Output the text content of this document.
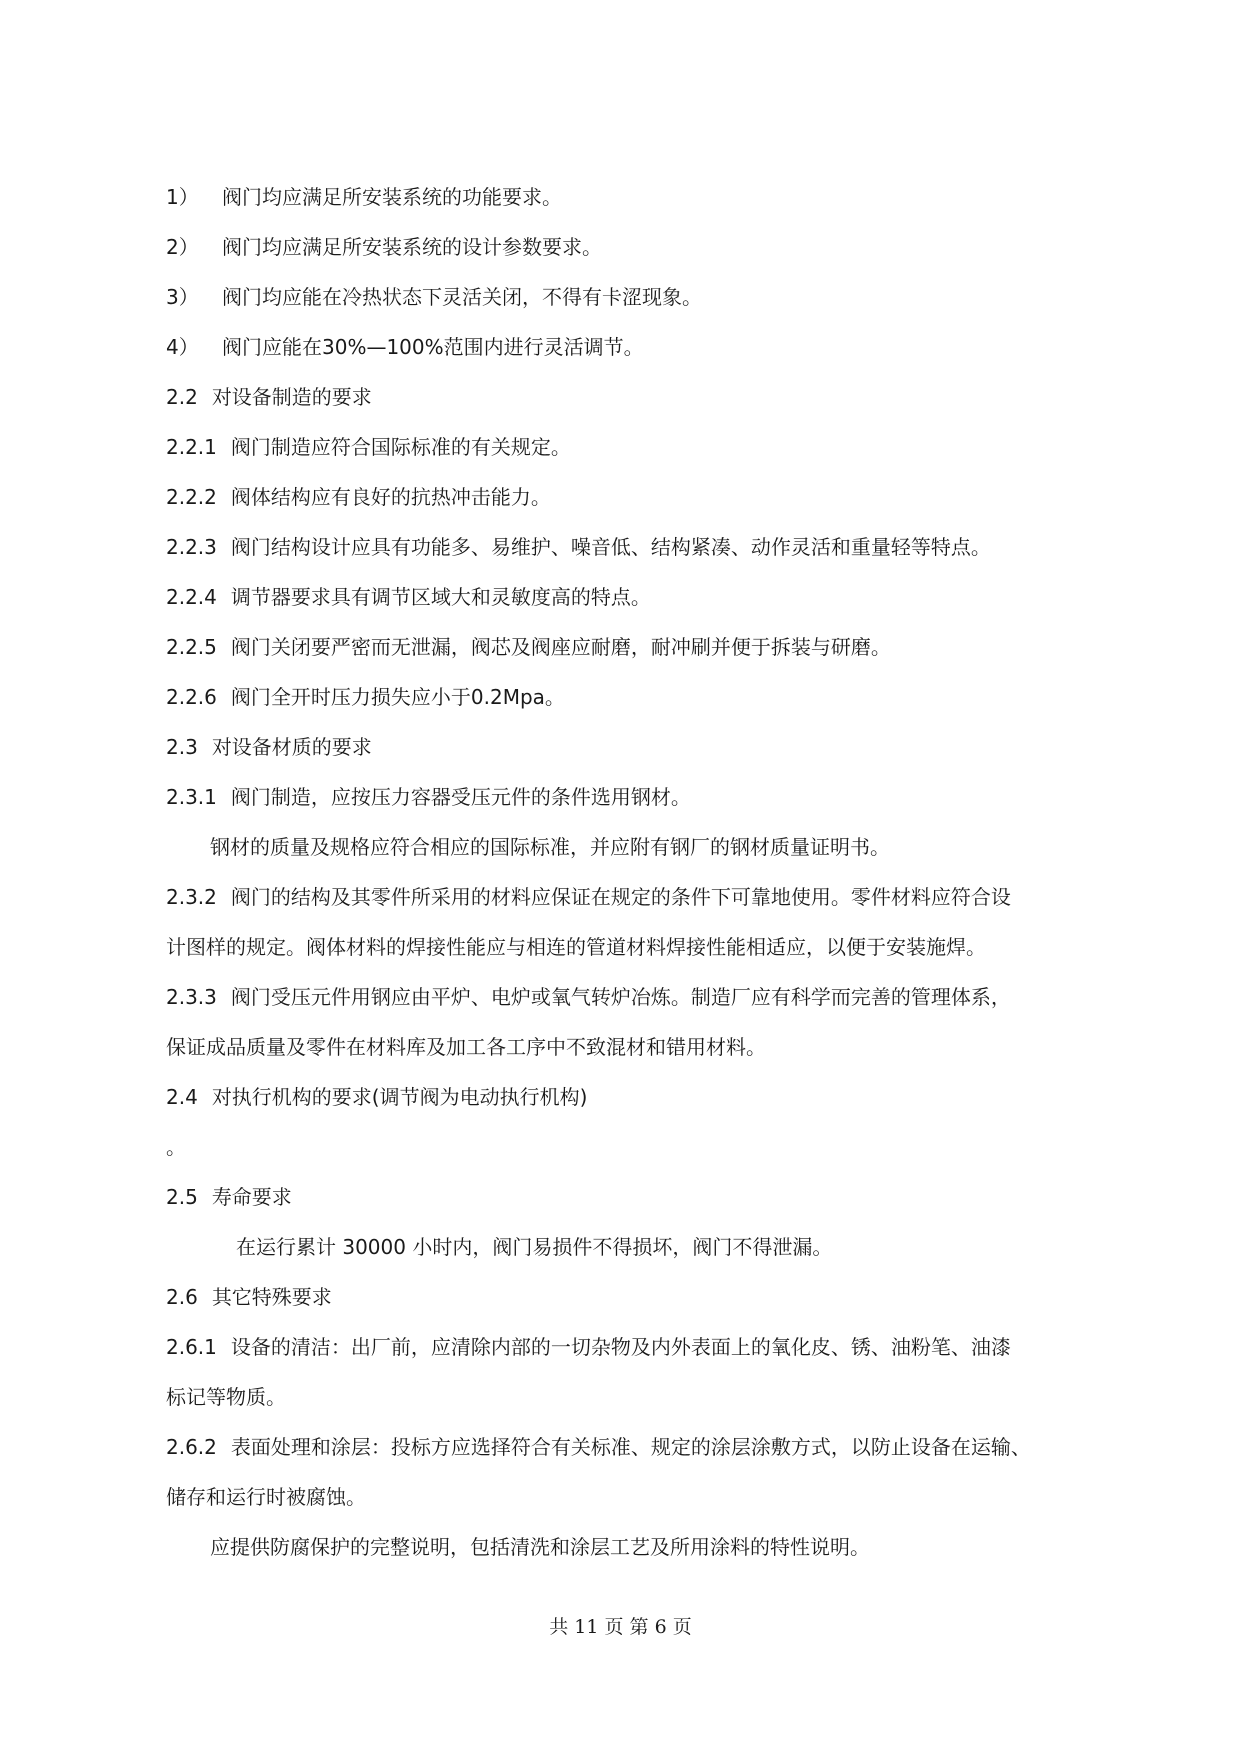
1） 阀门均应满足所安装系统的功能要求。
2） 阀门均应满足所安装系统的设计参数要求。
3） 阀门均应能在冷热状态下灵活关闭，不得有卡涩现象。
4） 阀门应能在30%—100%范围内进行灵活调节。
2.2 对设备制造的要求
2.2.1 阀门制造应符合国际标准的有关规定。
2.2.2 阀体结构应有良好的抗热冲击能力。
2.2.3 阀门结构设计应具有功能多、易维护、噪音低、结构紧凑、动作灵活和重量轻等特点。
2.2.4 调节器要求具有调节区域大和灵敏度高的特点。
2.2.5 阀门关闭要严密而无泄漏，阀芯及阀座应耐磨，耐冲刷并便于拆装与研磨。
2.2.6 阀门全开时压力损失应小于0.2Mpa。
2.3 对设备材质的要求
2.3.1 阀门制造，应按压力容器受压元件的条件选用钢材。
钢材的质量及规格应符合相应的国际标准，并应附有钢厂的钢材质量证明书。
2.3.2 阀门的结构及其零件所采用的材料应保证在规定的条件下可靠地使用。零件材料应符合设
计图样的规定。阀体材料的焊接性能应与相连的管道材料焊接性能相适应，以便于安装施焊。
2.3.3 阀门受压元件用钢应由平炉、电炉或氧气转炉冶炼。制造厂应有科学而完善的管理体系，
保证成品质量及零件在材料库及加工各工序中不致混材和错用材料。
2.4 对执行机构的要求(调节阀为电动执行机构)
。
2.5 寿命要求
在运行累计 30000 小时内，阀门易损件不得损坏，阀门不得泄漏。
2.6 其它特殊要求
2.6.1 设备的清洁：出厂前，应清除内部的一切杂物及内外表面上的氧化皮、锈、油粉笔、油漆
标记等物质。
2.6.2 表面处理和涂层：投标方应选择符合有关标准、规定的涂层涂敷方式，以防止设备在运输、
储存和运行时被腐蚀。
应提供防腐保护的完整说明，包括清洗和涂层工艺及所用涂料的特性说明。
共 11 页 第 6 页
